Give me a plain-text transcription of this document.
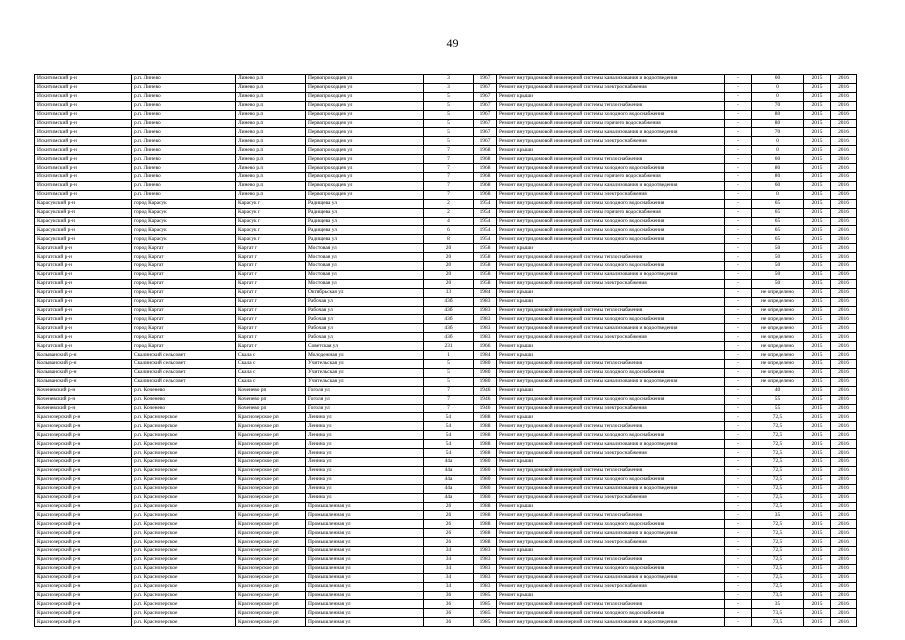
49
Искитимский р-н	р.п. Линево	Линево р.п	Первопроходцев ул	3	1967	Ремонт внутридомовой инженерной системы канализования и водоотведения	-	60	2015	2016
Искитимский р-н	р.п. Линево	Линево р.п	Первопроходцев ул	3	1967	Ремонт внутридомовой инженерной системы электроснабжения	-	0	2015	2016
Искитимский р-н	р.п. Линево	Линево р.п	Первопроходцев ул	5	1967	Ремонт крыши	-	0	2015	2016
Искитимский р-н	р.п. Линево	Линево р.п	Первопроходцев ул	5	1967	Ремонт внутридомовой инженерной системы теплоснабжения	-	70	2015	2016
Искитимский р-н	р.п. Линево	Линево р.п	Первопроходцев ул	5	1967	Ремонт внутридомовой инженерной системы холодного водоснабжения	-	80	2015	2016
Искитимский р-н	р.п. Линево	Линево р.п	Первопроходцев ул	5	1967	Ремонт внутридомовой инженерной системы горячего водоснабжения	-	80	2015	2016
Искитимский р-н	р.п. Линево	Линево р.п	Первопроходцев ул	5	1967	Ремонт внутридомовой инженерной системы канализования и водоотведения	-	70	2015	2016
Искитимский р-н	р.п. Линево	Линево р.п	Первопроходцев ул	5	1967	Ремонт внутридомовой инженерной системы электроснабжения	-	0	2015	2016
Искитимский р-н	р.п. Линево	Линево р.п	Первопроходцев ул	7	1968	Ремонт крыши	-	0	2015	2016
Искитимский р-н	р.п. Линево	Линево р.п	Первопроходцев ул	7	1968	Ремонт внутридомовой инженерной системы теплоснабжения	-	60	2015	2016
Искитимский р-н	р.п. Линево	Линево р.п	Первопроходцев ул	7	1968	Ремонт внутридомовой инженерной системы холодного водоснабжения	-	80	2015	2016
Искитимский р-н	р.п. Линево	Линево р.п	Первопроходцев ул	7	1968	Ремонт внутридомовой инженерной системы горячего водоснабжения	-	80	2015	2016
Искитимский р-н	р.п. Линево	Линево р.п	Первопроходцев ул	7	1968	Ремонт внутридомовой инженерной системы канализования и водоотведения	-	60	2015	2016
Искитимский р-н	р.п. Линево	Линево р.п	Первопроходцев ул	7	1968	Ремонт внутридомовой инженерной системы электроснабжения	-	0	2015	2016
Карасукский р-н	город Карасук	Карасук г	Радищева ул	2	1954	Ремонт внутридомовой инженерной системы холодного водоснабжения	-	65	2015	2016
Карасукский р-н	город Карасук	Карасук г	Радищева ул	2	1954	Ремонт внутридомовой инженерной системы горячего водоснабжения	-	65	2015	2016
Карасукский р-н	город Карасук	Карасук г	Радищева ул	4	1954	Ремонт внутридомовой инженерной системы холодного водоснабжения	-	65	2015	2016
Карасукский р-н	город Карасук	Карасук г	Радищева ул	6	1954	Ремонт внутридомовой инженерной системы холодного водоснабжения	-	65	2015	2016
Карасукский р-н	город Карасук	Карасук г	Радищева ул	8	1954	Ремонт внутридомовой инженерной системы холодного водоснабжения	-	65	2015	2016
Каргатский р-н	город Каргат	Каргат г	Мостовая ул	20	1958	Ремонт крыши	-	50	2015	2016
Каргатский р-н	город Каргат	Каргат г	Мостовая ул	20	1958	Ремонт внутридомовой инженерной системы теплоснабжения	-	50	2015	2016
Каргатский р-н	город Каргат	Каргат г	Мостовая ул	20	1958	Ремонт внутридомовой инженерной системы холодного водоснабжения	-	50	2015	2016
Каргатский р-н	город Каргат	Каргат г	Мостовая ул	20	1958	Ремонт внутридомовой инженерной системы канализования и водоотведения	-	50	2015	2016
Каргатский р-н	город Каргат	Каргат г	Мостовая ул	20	1958	Ремонт внутридомовой инженерной системы электроснабжения	-	50	2015	2016
Каргатский р-н	город Каргат	Каргат г	Октябрьская ул	13	1984	Ремонт крыши	-	не определено	2015	2016
Каргатский р-н	город Каргат	Каргат г	Рабочая ул	43б	1983	Ремонт крыши	-	не определено	2015	2016
Каргатский р-н	город Каргат	Каргат г	Рабочая ул	43б	1983	Ремонт внутридомовой инженерной системы теплоснабжения	-	не определено	2015	2016
Каргатский р-н	город Каргат	Каргат г	Рабочая ул	43б	1983	Ремонт внутридомовой инженерной системы холодного водоснабжения	-	не определено	2015	2016
Каргатский р-н	город Каргат	Каргат г	Рабочая ул	43б	1983	Ремонт внутридомовой инженерной системы канализования и водоотведения	-	не определено	2015	2016
Каргатский р-н	город Каргат	Каргат г	Рабочая ул	43б	1983	Ремонт внутридомовой инженерной системы электроснабжения	-	не определено	2015	2016
Каргатский р-н	город Каргат	Каргат г	Советская ул	231	1966	Ремонт крыши	-	не определено	2015	2016
Колыванский р-н	Скалинский сельсовет	Скала с	Молодежная ул	1	1984	Ремонт крыши	-	не определено	2015	2016
Колыванский р-н	Скалинский сельсовет	Скала с	Учительская ул	5	1980	Ремонт внутридомовой инженерной системы теплоснабжения	-	не определено	2015	2016
Колыванский р-н	Скалинский сельсовет	Скала с	Учительская ул	5	1980	Ремонт внутридомовой инженерной системы холодного водоснабжения	-	не определено	2015	2016
Колыванский р-н	Скалинский сельсовет	Скала с	Учительская ул	5	1980	Ремонт внутридомовой инженерной системы канализования и водоотведения	-	не определено	2015	2016
Коченевский р-н	р.п. Коченево	Коченево рп	Гоголя ул	7	1946	Ремонт крыши	-	40	2015	2016
Коченевский р-н	р.п. Коченево	Коченево рп	Гоголя ул	7	1946	Ремонт внутридомовой инженерной системы холодного водоснабжения	-	55	2015	2016
Коченевский р-н	р.п. Коченево	Коченево рп	Гоголя ул	7	1946	Ремонт внутридомовой инженерной системы электроснабжения	-	55	2015	2016
Краснозерский р-н	р.п. Краснозерское	Краснозерское рп	Ленина ул	54	1988	Ремонт крыши	-	72,5	2015	2016
Краснозерский р-н	р.п. Краснозерское	Краснозерское рп	Ленина ул	54	1988	Ремонт внутридомовой инженерной системы теплоснабжения	-	72,5	2015	2016
Краснозерский р-н	р.п. Краснозерское	Краснозерское рп	Ленина ул	54	1988	Ремонт внутридомовой инженерной системы холодного водоснабжения	-	72,5	2015	2016
Краснозерский р-н	р.п. Краснозерское	Краснозерское рп	Ленина ул	54	1988	Ремонт внутридомовой инженерной системы канализования и водоотведения	-	72,5	2015	2016
Краснозерский р-н	р.п. Краснозерское	Краснозерское рп	Ленина ул	54	1988	Ремонт внутридомовой инженерной системы электроснабжения	-	72,5	2015	2016
Краснозерский р-н	р.п. Краснозерское	Краснозерское рп	Ленина ул	44а	1980	Ремонт крыши	-	72,5	2015	2016
Краснозерский р-н	р.п. Краснозерское	Краснозерское рп	Ленина ул	44а	1980	Ремонт внутридомовой инженерной системы теплоснабжения	-	72,5	2015	2016
Краснозерский р-н	р.п. Краснозерское	Краснозерское рп	Ленина ул	44а	1980	Ремонт внутридомовой инженерной системы холодного водоснабжения	-	72,5	2015	2016
Краснозерский р-н	р.п. Краснозерское	Краснозерское рп	Ленина ул	44а	1980	Ремонт внутридомовой инженерной системы канализования и водоотведения	-	72,5	2015	2016
Краснозерский р-н	р.п. Краснозерское	Краснозерское рп	Ленина ул	44а	1980	Ремонт внутридомовой инженерной системы электроснабжения	-	72,5	2015	2016
Краснозерский р-н	р.п. Краснозерское	Краснозерское рп	Промышленная ул	26	1988	Ремонт крыши	-	72,5	2015	2016
Краснозерский р-н	р.п. Краснозерское	Краснозерское рп	Промышленная ул	26	1988	Ремонт внутридомовой инженерной системы теплоснабжения	-	35	2015	2016
Краснозерский р-н	р.п. Краснозерское	Краснозерское рп	Промышленная ул	26	1988	Ремонт внутридомовой инженерной системы холодного водоснабжения	-	72,5	2015	2016
Краснозерский р-н	р.п. Краснозерское	Краснозерское рп	Промышленная ул	26	1988	Ремонт внутридомовой инженерной системы канализования и водоотведения	-	72,5	2015	2016
Краснозерский р-н	р.п. Краснозерское	Краснозерское рп	Промышленная ул	26	1988	Ремонт внутридомовой инженерной системы электроснабжения	-	72,5	2015	2016
Краснозерский р-н	р.п. Краснозерское	Краснозерское рп	Промышленная ул	34	1983	Ремонт крыши	-	72,5	2015	2016
Краснозерский р-н	р.п. Краснозерское	Краснозерское рп	Промышленная ул	34	1983	Ремонт внутридомовой инженерной системы теплоснабжения	-	72,5	2015	2016
Краснозерский р-н	р.п. Краснозерское	Краснозерское рп	Промышленная ул	34	1983	Ремонт внутридомовой инженерной системы холодного водоснабжения	-	72,5	2015	2016
Краснозерский р-н	р.п. Краснозерское	Краснозерское рп	Промышленная ул	34	1983	Ремонт внутридомовой инженерной системы канализования и водоотведения	-	72,5	2015	2016
Краснозерский р-н	р.п. Краснозерское	Краснозерское рп	Промышленная ул	34	1983	Ремонт внутридомовой инженерной системы электроснабжения	-	72,5	2015	2016
Краснозерский р-н	р.п. Краснозерское	Краснозерское рп	Промышленная ул	36	1985	Ремонт крыши	-	73,5	2015	2016
Краснозерский р-н	р.п. Краснозерское	Краснозерское рп	Промышленная ул	36	1985	Ремонт внутридомовой инженерной системы теплоснабжения	-	35	2015	2016
Краснозерский р-н	р.п. Краснозерское	Краснозерское рп	Промышленная ул	36	1985	Ремонт внутридомовой инженерной системы холодного водоснабжения	-	73,5	2015	2016
Краснозерский р-н	р.п. Краснозерское	Краснозерское рп	Промышленная ул	36	1985	Ремонт внутридомовой инженерной системы канализования и водоотведения	-	73,5	2015	2016
